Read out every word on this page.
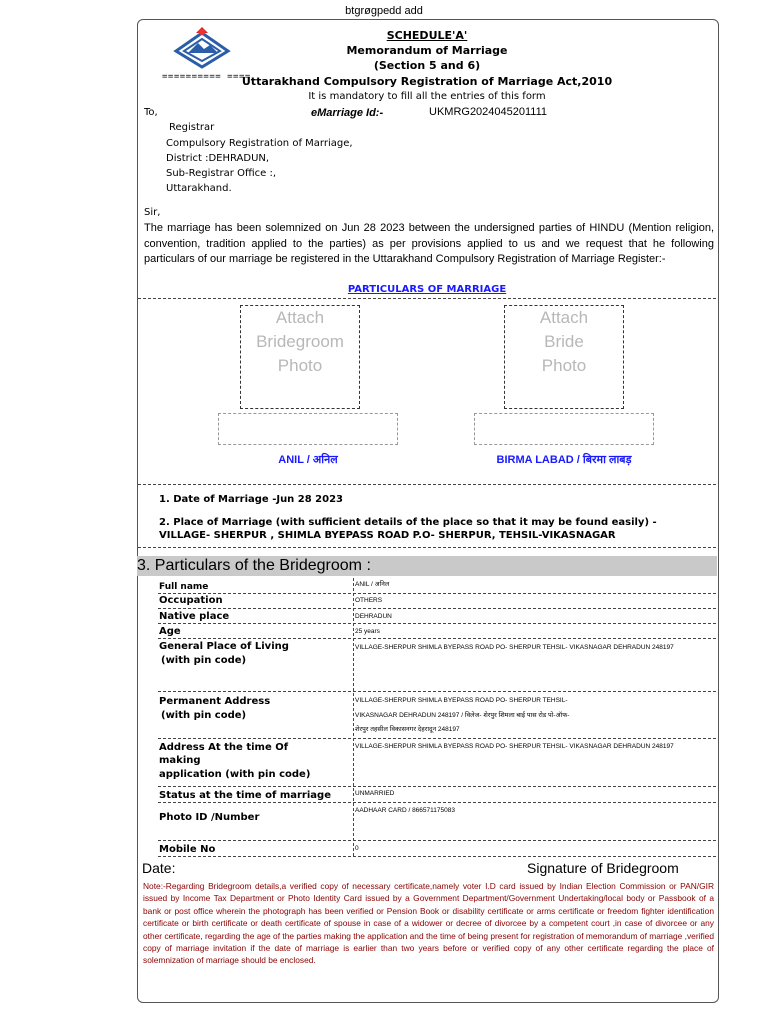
btgrøgpedd add
========== ====
SCHEDULE'A'
Memorandum of Marriage
(Section 5 and 6)
Uttarakhand Compulsory Registration of Marriage Act,2010
It is mandatory to fill all the entries of this form
To,	eMarriage Id:-	UKMRG2024045201111
Registrar
Compulsory Registration of Marriage,
District :DEHRADUN,
Sub-Registrar Office :,
Uttarakhand.
Sir,
The marriage has been solemnized on Jun 28 2023 between the undersigned parties of HINDU (Mention religion, convention, tradition applied to the parties) as per provisions applied to us and we request that he following particulars of our marriage be registered in the Uttarakhand Compulsory Registration of Marriage Register:-
PARTICULARS OF MARRIAGE
Attach
Bridegroom
Photo
Attach
Bride
Photo
ANIL / अनिल	BIRMA LABAD / बिरमा लाबड़
1. Date of Marriage -Jun 28 2023
2. Place of Marriage (with sufficient details of the place so that it may be found easily) -
VILLAGE- SHERPUR , SHIMLA BYEPASS ROAD P.O- SHERPUR, TEHSIL-VIKASNAGAR
3. Particulars of the Bridegroom :
Full name	ANIL / अनिल
Occupation	OTHERS
Native place	DEHRADUN
Age	25 years
General Place of Living
(with pin code)
VILLAGE-SHERPUR SHIMLA BYEPASS ROAD PO- SHERPUR TEHSIL- VIKASNAGAR DEHRADUN 248197
Permanent Address
(with pin code)
VILLAGE-SHERPUR SHIMLA BYEPASS ROAD PO- SHERPUR TEHSIL-
VIKASNAGAR DEHRADUN 248197 / विलेज- शेरपुर शिमला बाई पास रोड पो-ऑफ-
शेरपुर तहसील विकासनगर देहरादून 248197
Address At the time Of
making
application (with pin code)
VILLAGE-SHERPUR SHIMLA BYEPASS ROAD PO- SHERPUR TEHSIL- VIKASNAGAR DEHRADUN 248197
Status at the time of marriage	UNMARRIED
Photo ID /Number
AADHAAR CARD / 866571175083
Mobile No	0
Date:	Signature of Bridegroom
Note:-Regarding Bridegroom details,a verified copy of necessary certificate,namely voter I.D card issued by Indian Election Commission or PAN/GIR issued by Income Tax Department or Photo Identity Card issued by a Government Department/Government Undertaking/local body or Passbook of a bank or post office wherein the photograph has been verified or Pension Book or disability certificate or arms certificate or freedom fighter identification certificate or birth certificate or death certificate of spouse in case of a widower or decree of divorcee by a competent court ,in case of divorcee or any other certificate, regarding the age of the parties making the application and the time of being present for registration of memorandum of marriage ,verified copy of marriage invitation if the date of marriage is earlier than two years before or verified copy of any other certificate regarding the place of solemnization of marriage should be enclosed.
